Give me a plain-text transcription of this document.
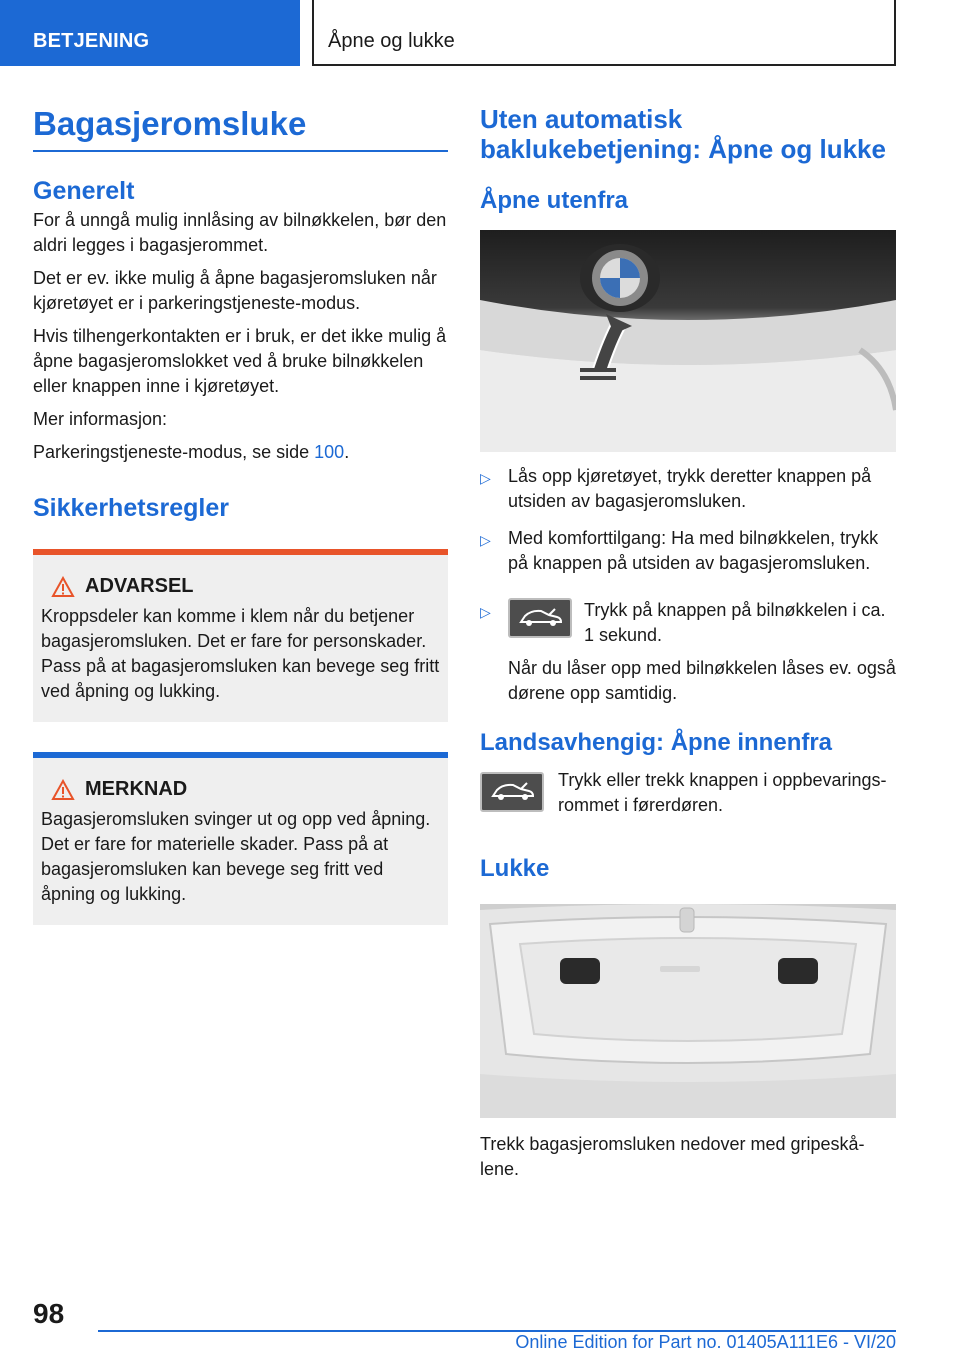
BETJENING	Åpne og lukke
Bagasjeromsluke
Generelt

For å unngå mulig innlåsing av bilnøkkelen, bør den aldri legges i bagasjerommet.

Det er ev. ikke mulig å åpne bagasjeromsluken når kjøretøyet er i parkeringstjeneste-modus.

Hvis tilhengerkontakten er i bruk, er det ikke mulig å åpne bagasjeromslokket ved å bruke bilnøkkelen eller knappen inne i kjøretøyet.

Mer informasjon:

Parkeringstjeneste-modus, se side 100.

Sikkerhetsregler
ADVARSEL
Kroppsdeler kan komme i klem når du betjener bagasjeromsluken. Det er fare for personskader. Pass på at bagasjeromsluken kan bevege seg fritt ved åpning og lukking.
MERKNAD
Bagasjeromsluken svinger ut og opp ved åpning. Det er fare for materielle skader. Pass på at bagasjeromsluken kan bevege seg fritt ved åpning og lukking.
Uten automatisk baklukebetjening: Åpne og lukke
Åpne utenfra
▷ Lås opp kjøretøyet, trykk deretter knappen på utsiden av bagasjeromsluken.
▷ Med komforttilgang: Ha med bilnøkkelen, trykk på knappen på utsiden av bagasjeromsluken.
▷	Trykk på knappen på bilnøkkelen i ca. 1 sekund.

Når du låser opp med bilnøkkelen låses ev. også dørene opp samtidig.

Landsavhengig: Åpne innenfra
Trykk eller trekk knappen i oppbevaringsrommet i førerdøren.
Lukke

Trekk bagasjeromsluken nedover med gripeskålene.

98
Online Edition for Part no. 01405A111E6 - VI/20
